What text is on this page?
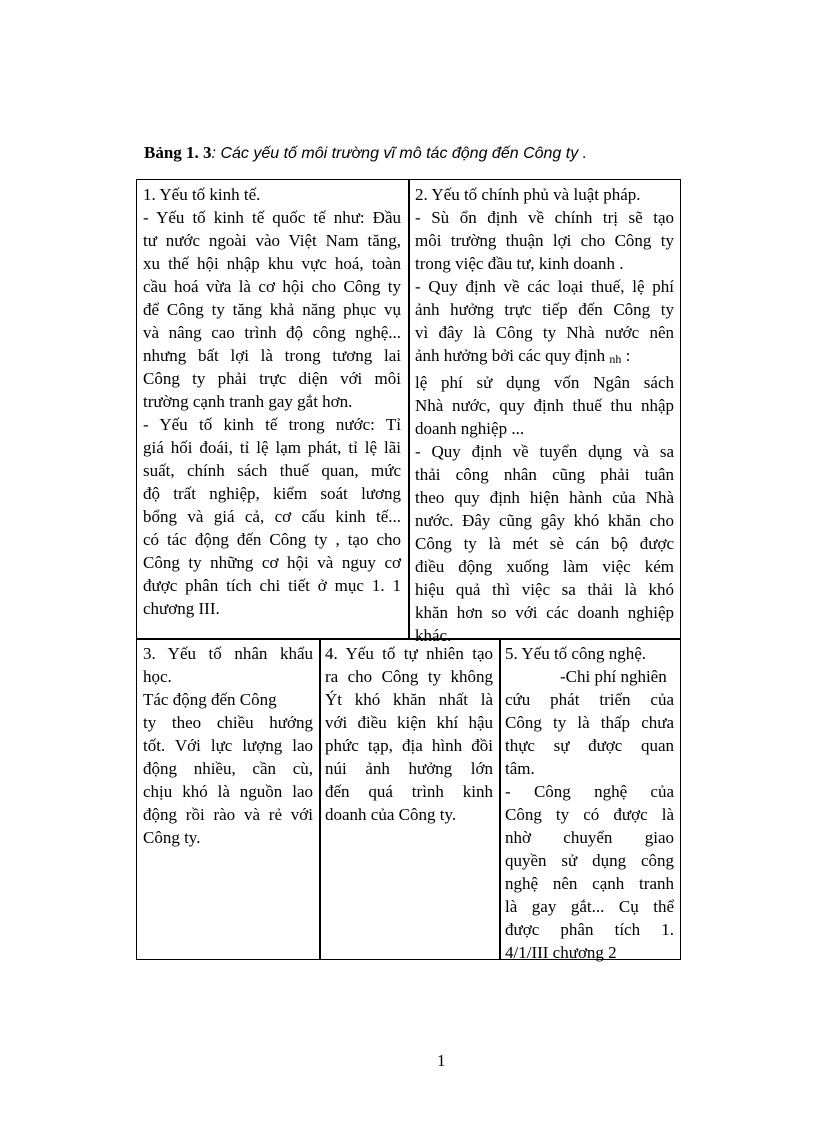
Bảng 1. 3: Các yếu tố môi trường vĩ mô tác động đến Công ty .
1. Yếu tố kinh tế.
- Yếu tố kinh tế quốc tế như: Đầu
tư nước ngoài vào Việt Nam tăng,
xu thế hội nhập khu vực hoá, toàn
cầu hoá vừa là cơ hội cho Công ty
để Công ty tăng khả năng phục vụ
và nâng cao trình độ công nghệ...
nhưng bất lợi là trong tương lai
Công ty phải trực diện với môi
trường cạnh tranh gay gắt hơn.
- Yếu tố kinh tế trong nước: Tỉ
giá hối đoái, tỉ lệ lạm phát, tỉ lệ lãi
suất, chính sách thuế quan, mức
độ trất nghiệp, kiểm soát lương
bổng và giá cả, cơ cấu kinh tế...
có tác động đến Công ty , tạo cho
Công ty những cơ hội và nguy cơ
được phân tích chi tiết ở mục 1. 1
chương III.
2. Yếu tố chính phủ và luật pháp.
- Sù ổn định về chính trị sẽ tạo
môi trường thuận lợi cho Công ty
trong việc đầu tư, kinh doanh .
- Quy định về các loại thuế, lệ phí
ảnh hưởng trực tiếp đến Công ty
vì đây là Công ty Nhà nước nên
ảnh hưởng bởi các quy định $_{nh}$ :
lệ phí sử dụng vốn Ngân sách
Nhà nước, quy định thuế thu nhập
doanh nghiệp ...
- Quy định về tuyển dụng và sa
thải công nhân cũng phải tuân
theo quy định hiện hành của Nhà
nước. Đây cũng gây khó khăn cho
Công ty là mét sè cán bộ được
điều động xuống làm việc kém
hiệu quả thì việc sa thải là khó
khăn hơn so với các doanh nghiệp
khác.
3. Yếu tố nhân khẩu
học.
Tác động đến Công
ty theo chiều hướng
tốt. Với lực lượng lao
động nhiều, cần cù,
chịu khó là nguồn lao
động rồi rào và rẻ với
Công ty.
4. Yếu tố tự nhiên tạo
ra cho Công ty không
Ýt khó khăn nhất là
với điều kiện khí hậu
phức tạp, địa hình đồi
núi ảnh hưởng lớn
đến quá trình kinh
doanh của Công ty.
5. Yếu tố công nghệ.
-Chi phí nghiên
cứu phát triển của
Công ty là thấp chưa
thực sự được quan
tâm.
- Công nghệ của
Công ty có được là
nhờ chuyển giao
quyền sử dụng công
nghệ nên cạnh tranh
là gay gắt... Cụ thể
được phân tích 1.
4/1/III chương 2
1
